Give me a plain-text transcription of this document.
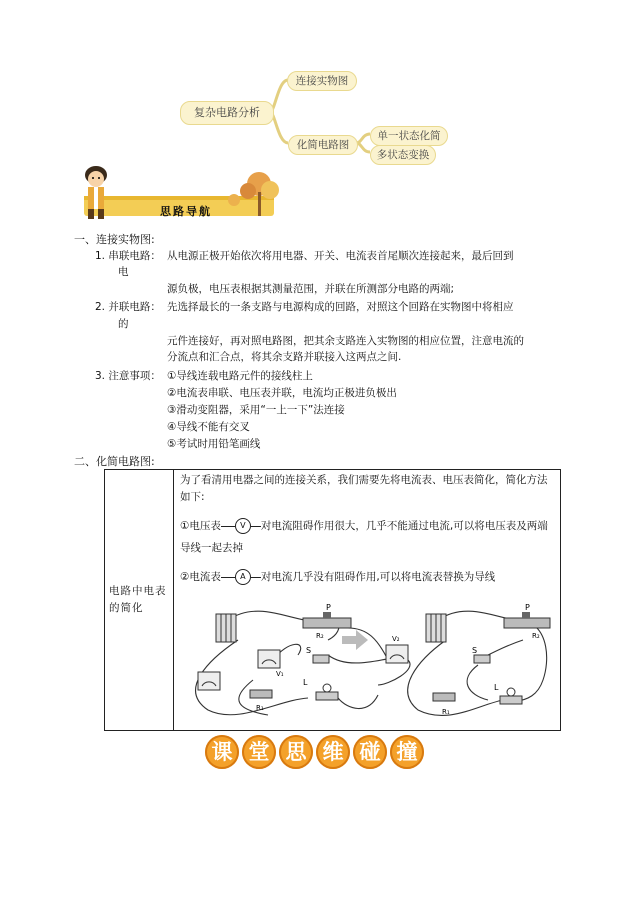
复杂电路分析
连接实物图
化简电路图
单一状态化简
多状态变换
思路导航
一、连接实物图:
1. 串联电路： 从电源正极开始依次将用电器、开关、电流表首尾顺次连接起来，最后回到
电
源负极，电压表根据其测量范围，并联在所测部分电路的两端;
2. 并联电路： 先选择最长的一条支路与电源构成的回路，对照这个回路在实物图中将相应
的
元件连接好，再对照电路图，把其余支路连入实物图的相应位置，注意电流的
分流点和汇合点，将其余支路并联接入这两点之间.
3. 注意事项： ①导线连载电路元件的接线柱上
②电流表串联、电压表并联，电流均正极进负极出
③滑动变阻器，采用“一上一下”法连接
④导线不能有交叉
⑤考试时用铅笔画线
二、化简电路图:
电路中电表的简化

为了看清用电器之间的连接关系，我们需要先将电流表、电压表简化，简化方法如下:
①电压表 V 对电流阻碍作用很大，几乎不能通过电流,可以将电压表及两端导线一起去掉
②电流表 A 对电流几乎没有阻碍作用,可以将电流表替换为导线
P
R₂
V₁
S
V₂
R₁
L
P
R₂
S
R₁
L
课 堂 思 维 碰 撞
